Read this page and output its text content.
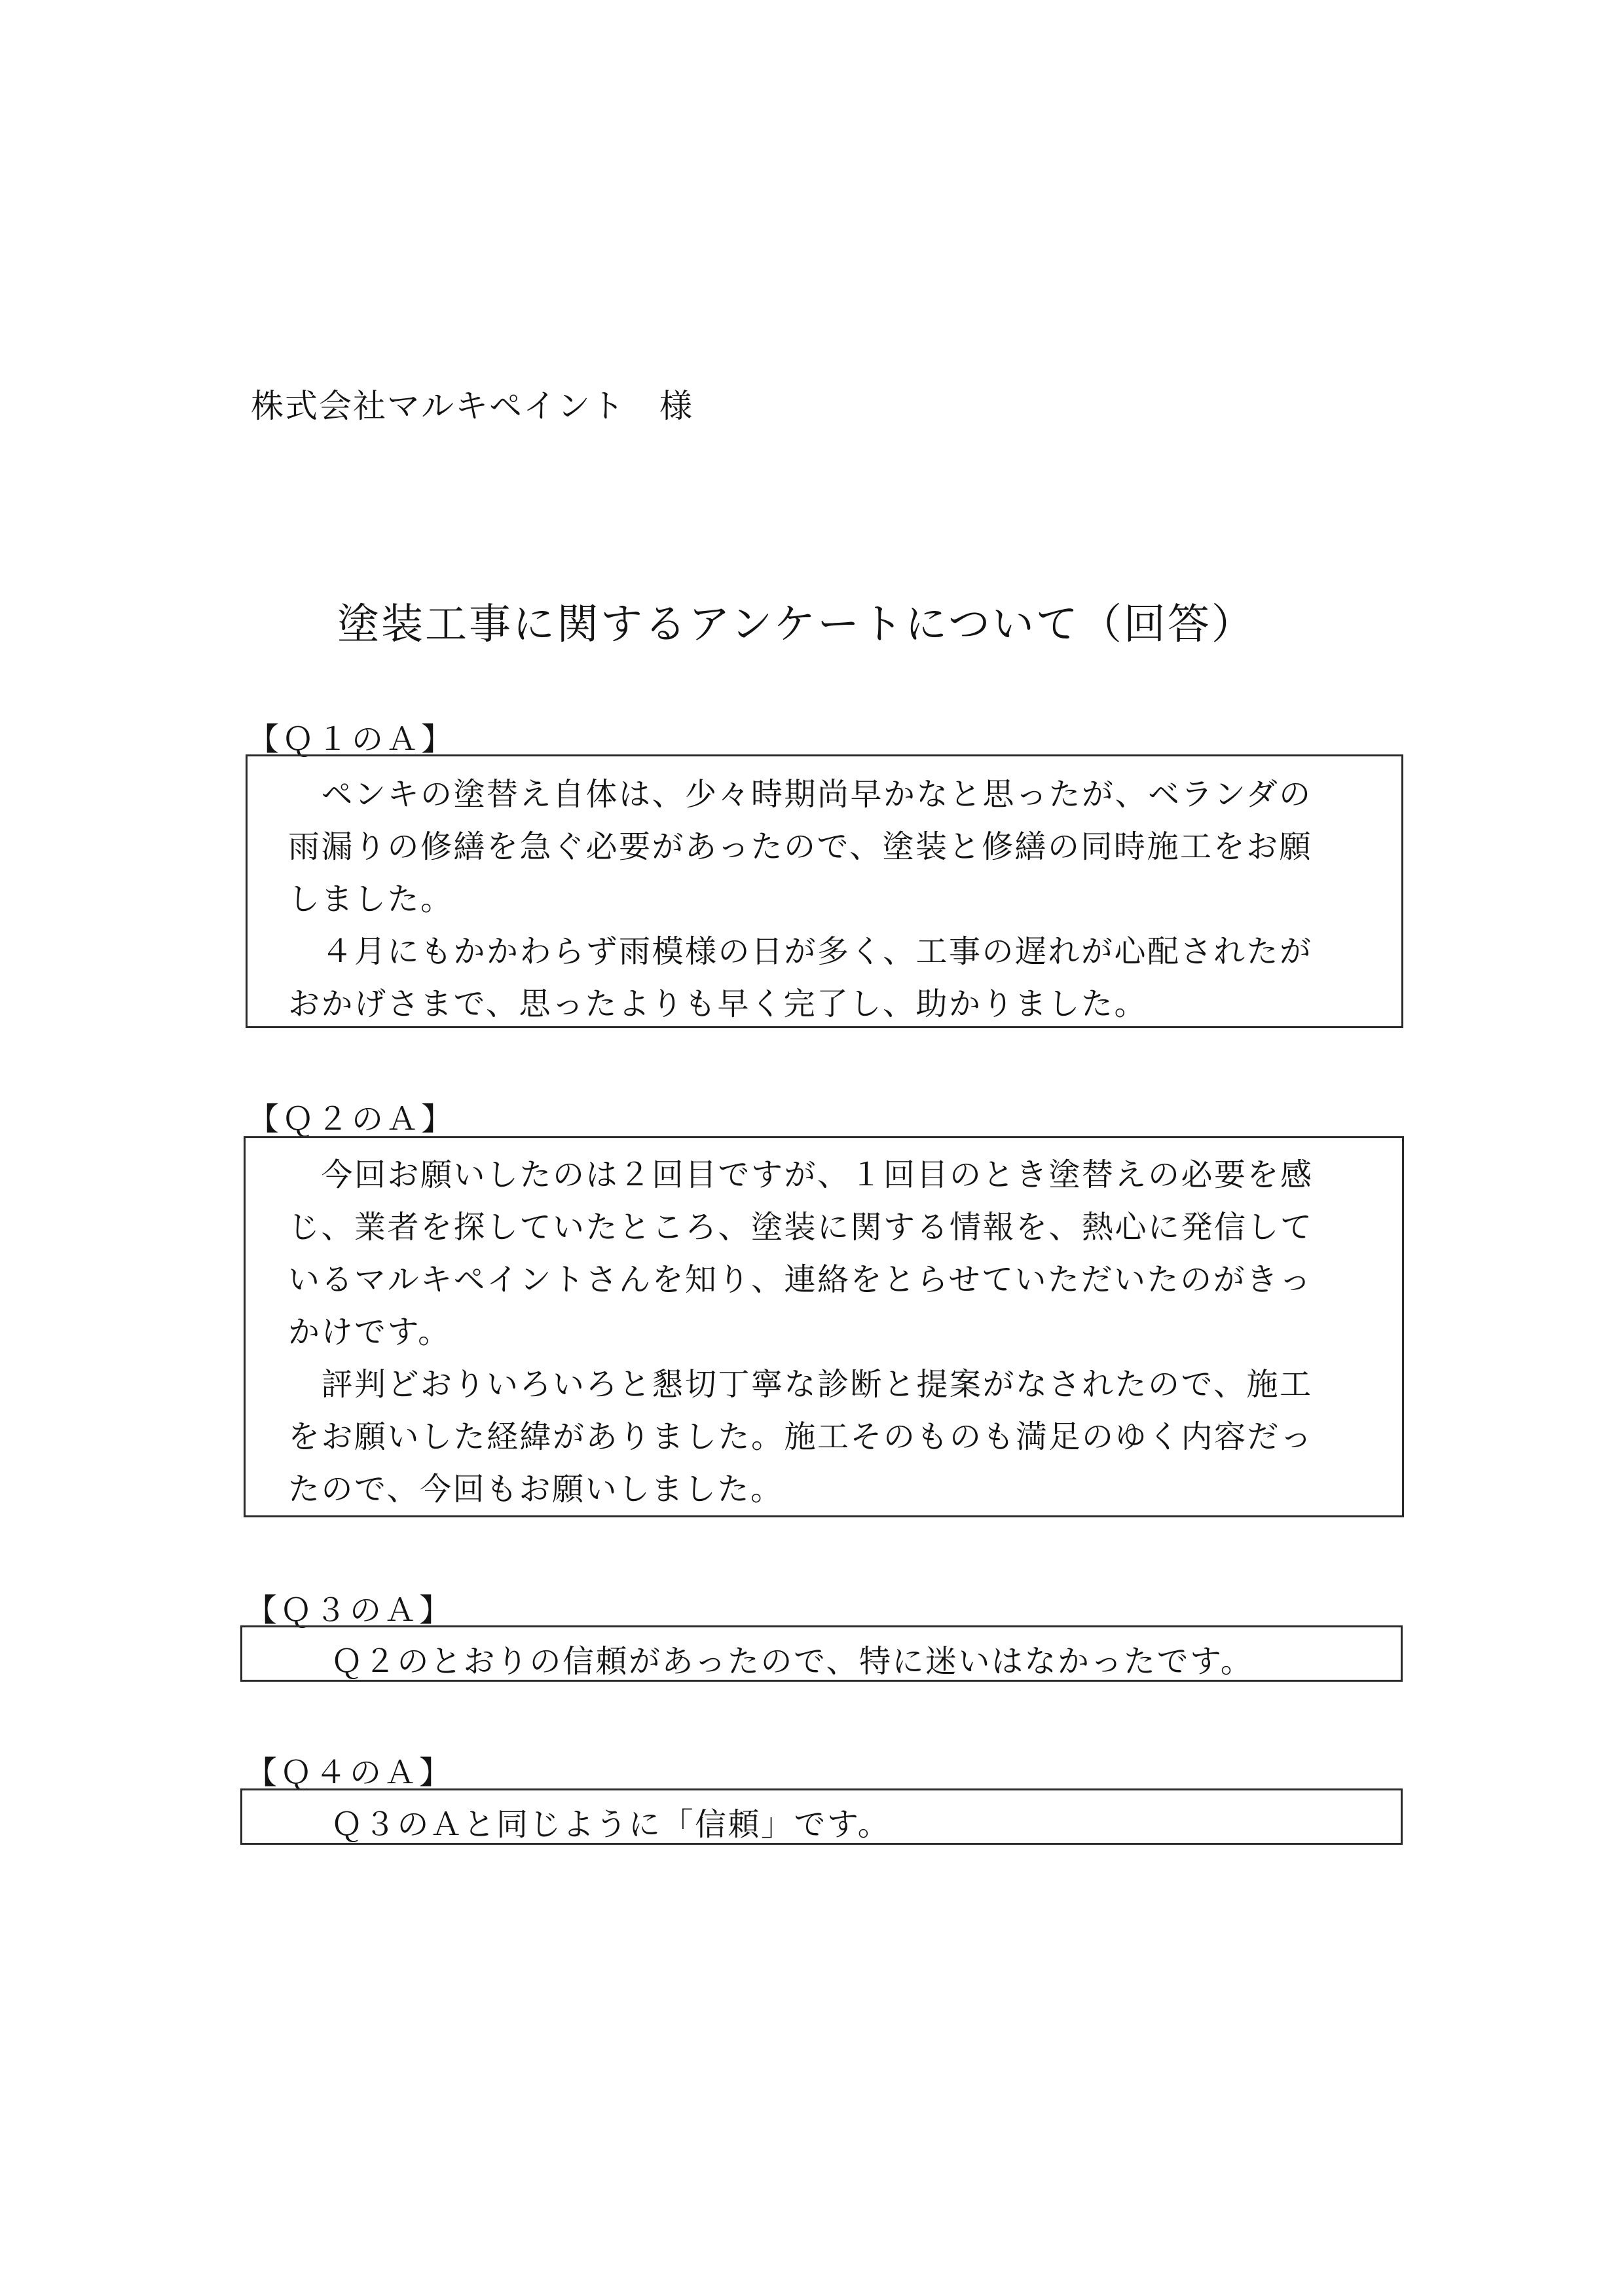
株式会社マルキペイント　様
塗装工事に関するアンケートについて（回答）
【Ｑ１のＡ】
　ペンキの塗替え自体は、少々時期尚早かなと思ったが、ベランダの
雨漏りの修繕を急ぐ必要があったので、塗装と修繕の同時施工をお願
しました。
　４月にもかかわらず雨模様の日が多く、工事の遅れが心配されたが
おかげさまで、思ったよりも早く完了し、助かりました。
【Ｑ２のＡ】
　今回お願いしたのは２回目ですが、１回目のとき塗替えの必要を感
じ、業者を探していたところ、塗装に関する情報を、熱心に発信して
いるマルキペイントさんを知り、連絡をとらせていただいたのがきっ
かけです。
　評判どおりいろいろと懇切丁寧な診断と提案がなされたので、施工
をお願いした経緯がありました。施工そのものも満足のゆく内容だっ
たので、今回もお願いしました。
【Ｑ３のＡ】
　Ｑ２のとおりの信頼があったので、特に迷いはなかったです。
【Ｑ４のＡ】
　Ｑ３のＡと同じように「信頼」です。
